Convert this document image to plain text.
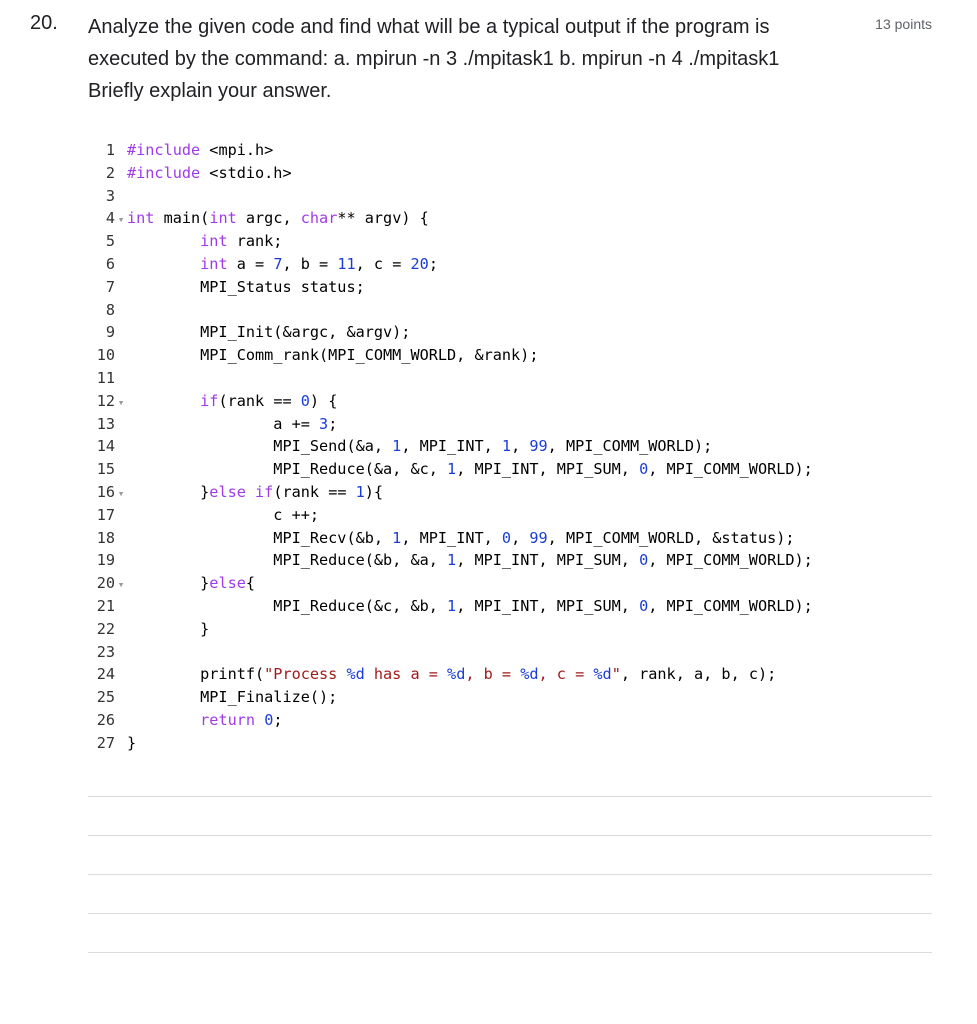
20. Analyze the given code and find what will be a typical output if the program is
executed by the command: a. mpirun -n 3 ./mpitask1 b. mpirun -n 4 ./mpitask1
Briefly explain your answer.
13 points
1 #include <mpi.h>
2 #include <stdio.h>
3
4 ▾ int main(int argc, char** argv) {
5	int rank;
6	int a = 7, b = 11, c = 20;
7         MPI_Status status;
8
9         MPI_Init(&argc, &argv);
10         MPI_Comm_rank(MPI_COMM_WORLD, &rank);
11
12 ▾	if(rank == 0) {
13                 a += 3;
14                 MPI_Send(&a, 1, MPI_INT, 1, 99, MPI_COMM_WORLD);
15                 MPI_Reduce(&a, &c, 1, MPI_INT, MPI_SUM, 0, MPI_COMM_WORLD);
16 ▾        }else if(rank == 1){
17                 c ++;
18                 MPI_Recv(&b, 1, MPI_INT, 0, 99, MPI_COMM_WORLD, &status);
19                 MPI_Reduce(&b, &a, 1, MPI_INT, MPI_SUM, 0, MPI_COMM_WORLD);
20 ▾        }else{
21                 MPI_Reduce(&c, &b, 1, MPI_INT, MPI_SUM, 0, MPI_COMM_WORLD);
22         }
23
24         printf("Process %d has a = %d, b = %d, c = %d", rank, a, b, c);
25         MPI_Finalize();
26	return 0;
27 }
